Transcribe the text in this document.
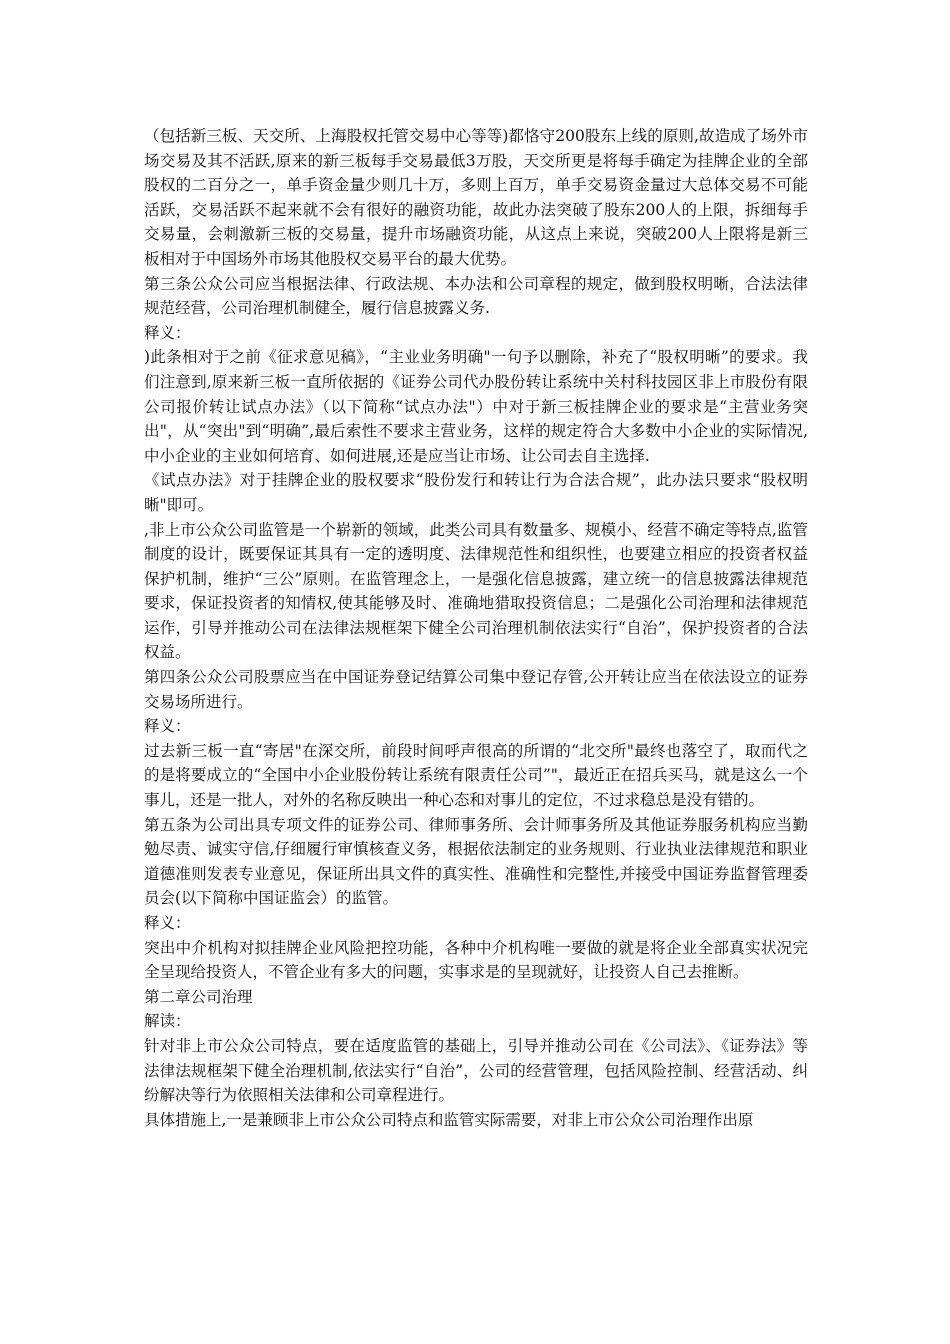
（包括新三板、天交所、上海股权托管交易中心等等)都恪守200股东上线的原则,故造成了场外市场交易及其不活跃,原来的新三板每手交易最低3万股，天交所更是将每手确定为挂牌企业的全部股权的二百分之一，单手资金量少则几十万，多则上百万，单手交易资金量过大总体交易不可能活跃，交易活跃不起来就不会有很好的融资功能，故此办法突破了股东200人的上限，拆细每手交易量，会刺激新三板的交易量，提升市场融资功能，从这点上来说，突破200人上限将是新三板相对于中国场外市场其他股权交易平台的最大优势。

第三条公众公司应当根据法律、行政法规、本办法和公司章程的规定，做到股权明晰，合法法律规范经营，公司治理机制健全，履行信息披露义务.

释义：

)此条相对于之前《征求意见稿》，“主业业务明确"一句予以删除，补充了“股权明晰”的要求。我们注意到,原来新三板一直所依据的《证券公司代办股份转让系统中关村科技园区非上市股份有限公司报价转让试点办法》（以下简称“试点办法"）中对于新三板挂牌企业的要求是“主营业务突出"，从“突出"到“明确”,最后索性不要求主营业务，这样的规定符合大多数中小企业的实际情况,中小企业的主业如何培育、如何进展,还是应当让市场、让公司去自主选择.

《试点办法》对于挂牌企业的股权要求“股份发行和转让行为合法合规”，此办法只要求“股权明晰"即可。

,非上市公众公司监管是一个崭新的领域，此类公司具有数量多、规模小、经营不确定等特点,监管制度的设计，既要保证其具有一定的透明度、法律规范性和组织性，也要建立相应的投资者权益保护机制，维护“三公”原则。在监管理念上，一是强化信息披露，建立统一的信息披露法律规范要求，保证投资者的知情权,使其能够及时、准确地猎取投资信息；二是强化公司治理和法律规范运作，引导并推动公司在法律法规框架下健全公司治理机制依法实行“自治”，保护投资者的合法权益。

第四条公众公司股票应当在中国证券登记结算公司集中登记存管,公开转让应当在依法设立的证券交易场所进行。

释义：

过去新三板一直“寄居"在深交所，前段时间呼声很高的所谓的“北交所"最终也落空了，取而代之的是将要成立的“全国中小企业股份转让系统有限责任公司”"，最近正在招兵买马，就是这么一个事儿，还是一批人，对外的名称反映出一种心态和对事儿的定位，不过求稳总是没有错的。

第五条为公司出具专项文件的证券公司、律师事务所、会计师事务所及其他证券服务机构应当勤勉尽责、诚实守信,仔细履行审慎核查义务，根据依法制定的业务规则、行业执业法律规范和职业道德准则发表专业意见，保证所出具文件的真实性、准确性和完整性,并接受中国证券监督管理委员会(以下简称中国证监会）的监管。

释义：

突出中介机构对拟挂牌企业风险把控功能，各种中介机构唯一要做的就是将企业全部真实状况完全呈现给投资人，不管企业有多大的问题，实事求是的呈现就好，让投资人自己去推断。

第二章公司治理

解读：

针对非上市公众公司特点，要在适度监管的基础上，引导并推动公司在《公司法》、《证券法》等法律法规框架下健全治理机制,依法实行“自治”，公司的经营管理，包括风险控制、经营活动、纠纷解决等行为依照相关法律和公司章程进行。

具体措施上,一是兼顾非上市公众公司特点和监管实际需要，对非上市公众公司治理作出原
